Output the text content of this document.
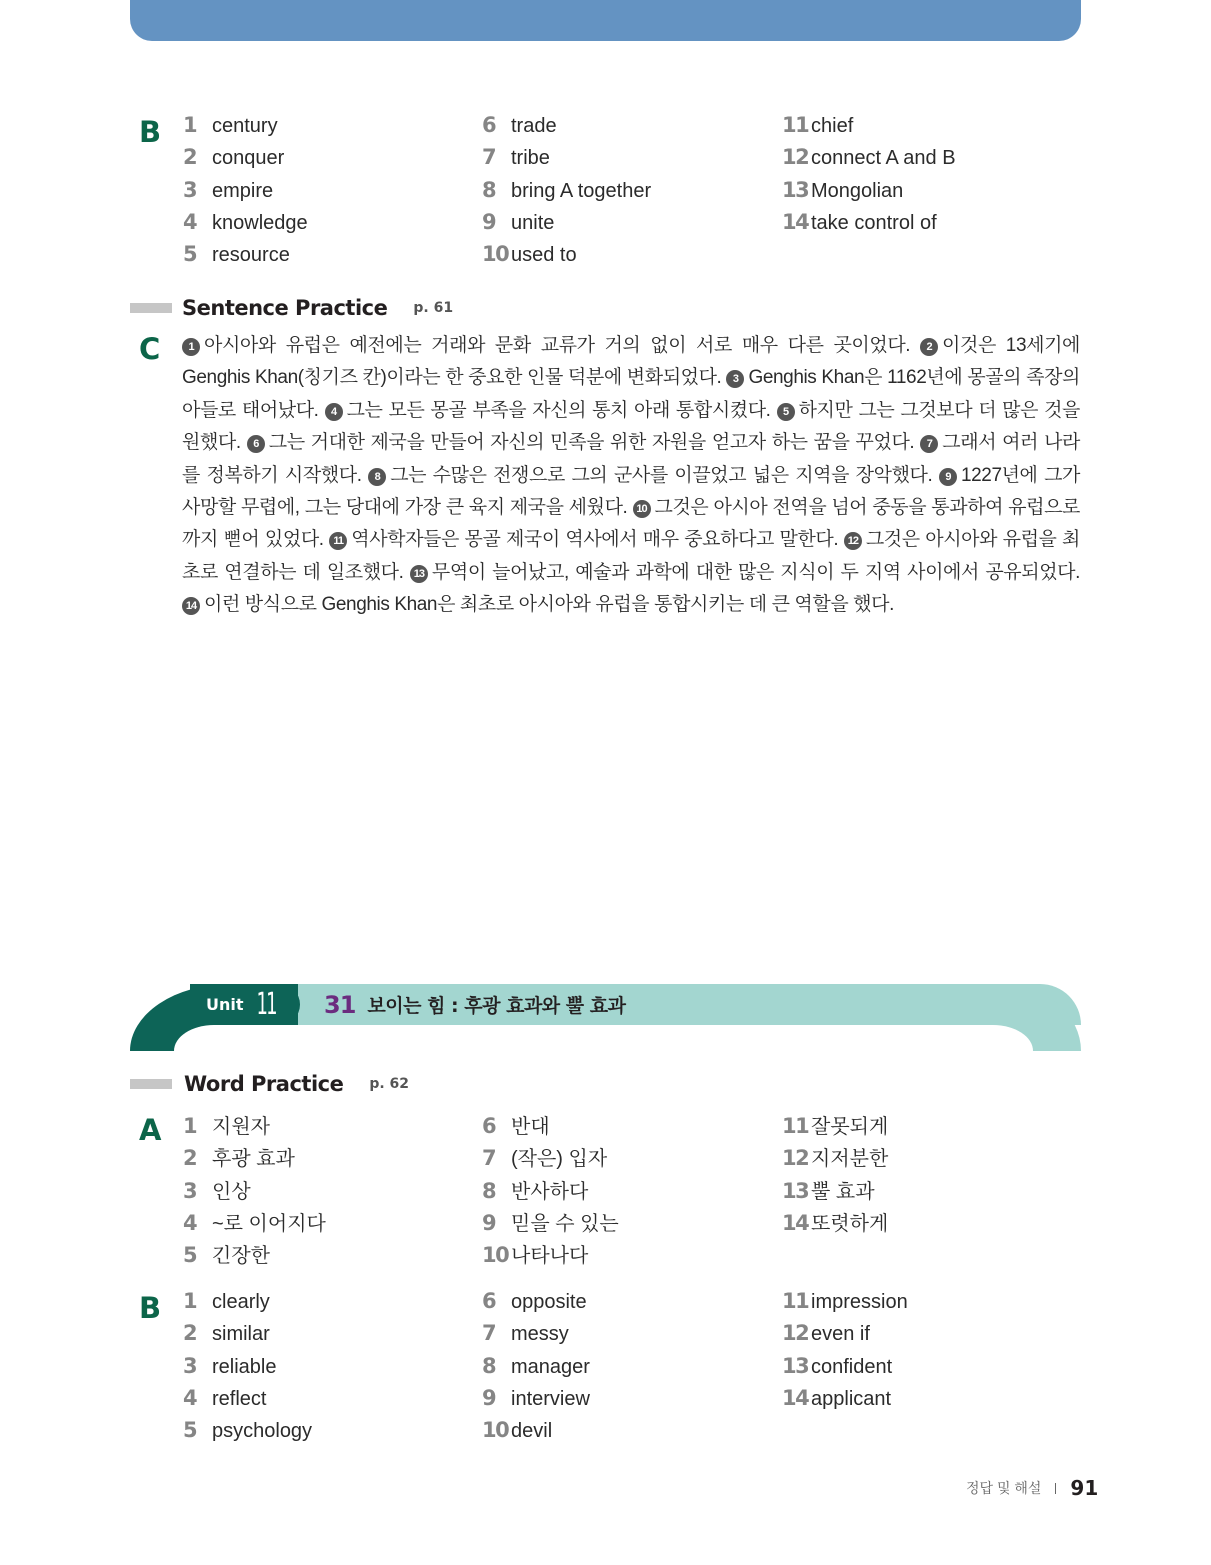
B 1 century
2 conquer
3 empire
4 knowledge
5 resource
6 trade
7 tribe
8 bring A together
9 unite
10 used to
11 chief
12 connect A and B
13 Mongolian
14 take control of
Sentence Practice p. 61
C	1 아시아와 유럽은 예전에는 거래와 문화 교류가 거의 없이 서로 매우 다른 곳이었다. 2 이것은 13세기에 Genghis Khan(칭기즈 칸)이라는 한 중요한 인물 덕분에 변화되었다. 3 Genghis Khan은 1162년에 몽골의 족장의 아들로 태어났다. 4 그는 모든 몽골 부족을 자신의 통치 아래 통합시켰다. 5 하지만 그는 그것보다 더 많은 것을 원했다. 6 그는 거대한 제국을 만들어 자신의 민족을 위한 자원을 얻고자 하는 꿈을 꾸었다. 7 그래서 여러 나라를 정복하기 시작했다. 8 그는 수많은 전쟁으로 그의 군사를 이끌었고 넓은 지역을 장악했다. 9 1227년에 그가 사망할 무렵에, 그는 당대에 가장 큰 육지 제국을 세웠다. 10 그것은 아시아 전역을 넘어 중동을 통과하여 유럽으로까지 뻗어 있었다. 11 역사학자들은 몽골 제국이 역사에서 매우 중요하다고 말한다. 12 그것은 아시아와 유럽을 최초로 연결하는 데 일조했다. 13 무역이 늘어났고, 예술과 과학에 대한 많은 지식이 두 지역 사이에서 공유되었다. 14 이런 방식으로 Genghis Khan은 최초로 아시아와 유럽을 통합시키는 데 큰 역할을 했다.
Unit 11 31 보이는 힘 : 후광 효과와 뿔 효과
Word Practice p. 62
A 1 지원자
2 후광 효과
3 인상
4 ~로 이어지다
5 긴장한
6 반대
7 (작은) 입자
8 반사하다
9 믿을 수 있는
10 나타나다
11 잘못되게
12 지저분한
13 뿔 효과
14 또렷하게
B 1 clearly
2 similar
3 reliable
4 reflect
5 psychology
6 opposite
7 messy
8 manager
9 interview
10 devil
11 impression
12 even if
13 confident
14 applicant
정답 및 해설 91
